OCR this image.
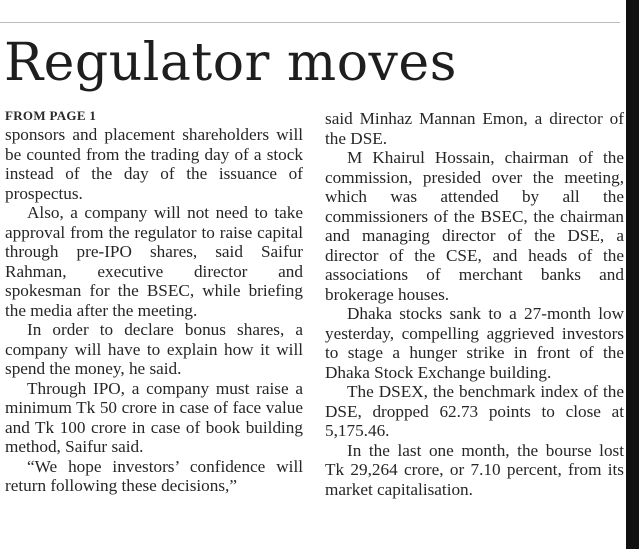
Regulator moves
FROM PAGE 1

sponsors and placement shareholders will be counted from the trading day of a stock instead of the day of the issuance of prospectus.

Also, a company will not need to take approval from the regulator to raise capital through pre-IPO shares, said Saifur Rahman, executive director and spokesman for the BSEC, while briefing the media after the meeting.

In order to declare bonus shares, a company will have to explain how it will spend the money, he said.

Through IPO, a company must raise a minimum Tk 50 crore in case of face value and Tk 100 crore in case of book building method, Saifur said.

“We hope investors’ confidence will return following these decisions,”

said Minhaz Mannan Emon, a director of the DSE.

M Khairul Hossain, chairman of the commission, presided over the meeting, which was attended by all the commissioners of the BSEC, the chairman and managing director of the DSE, a director of the CSE, and heads of the associations of merchant banks and brokerage houses.

Dhaka stocks sank to a 27-month low yesterday, compelling aggrieved investors to stage a hunger strike in front of the Dhaka Stock Exchange building.

The DSEX, the benchmark index of the DSE, dropped 62.73 points to close at 5,175.46.

In the last one month, the bourse lost Tk 29,264 crore, or 7.10 percent, from its market capitalisation.
